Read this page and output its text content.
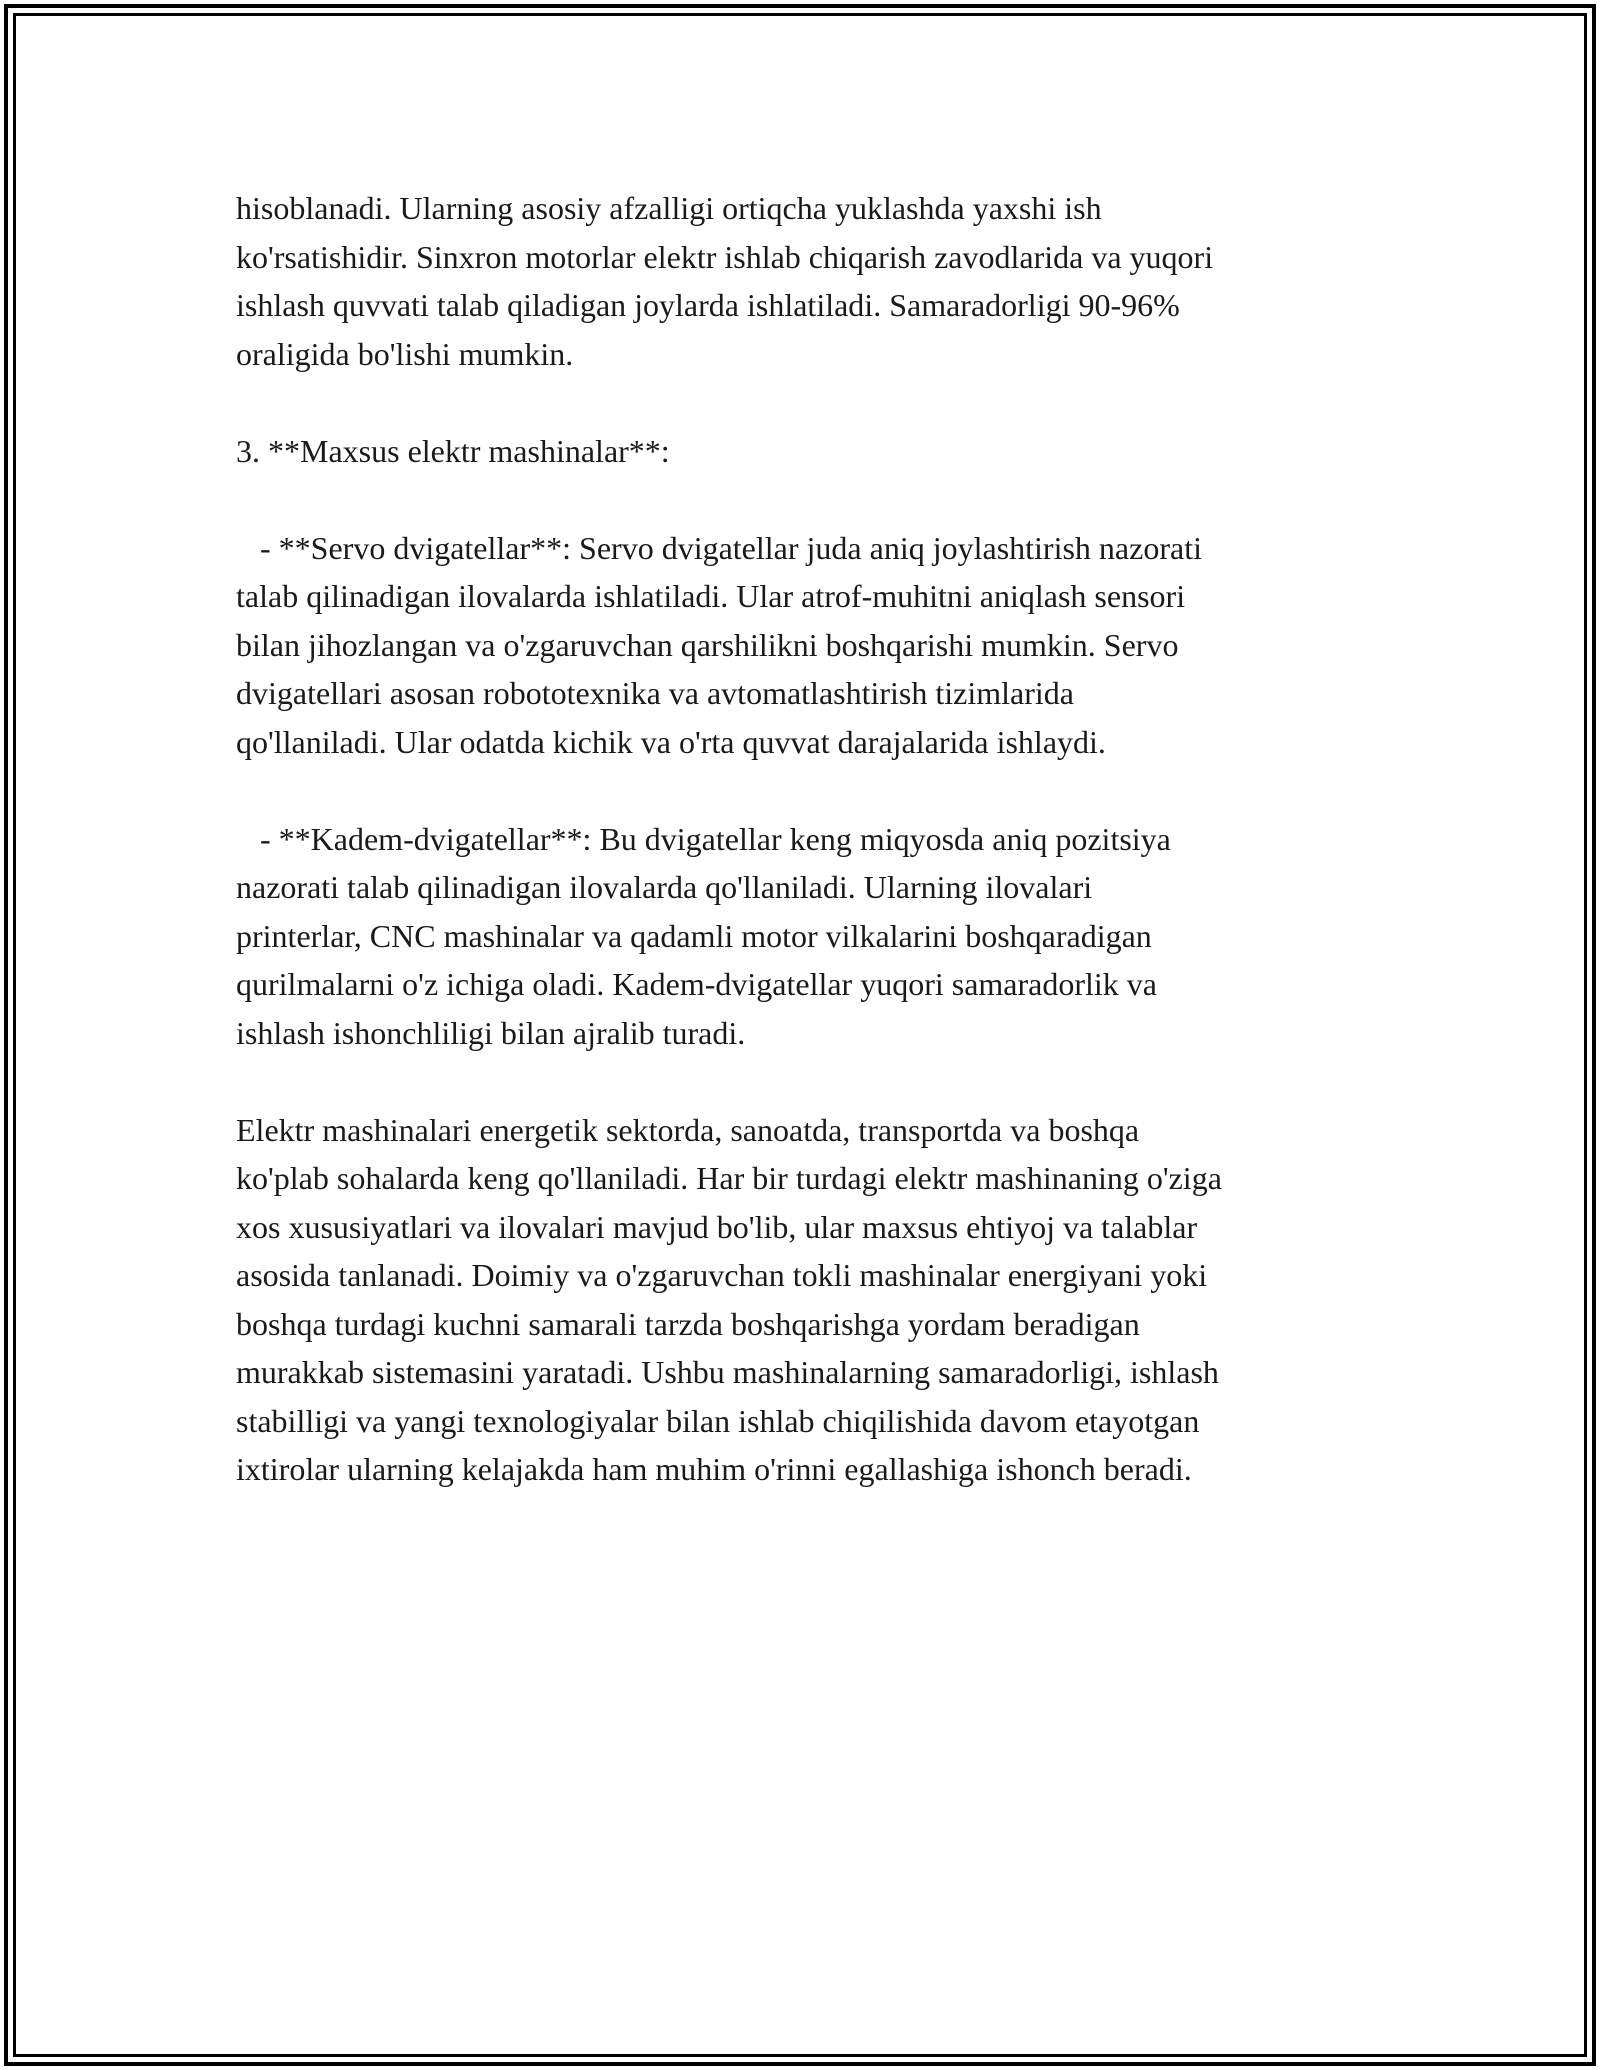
hisoblanadi. Ularning asosiy afzalligi ortiqcha yuklashda yaxshi ish
ko'rsatishidir. Sinxron motorlar elektr ishlab chiqarish zavodlarida va yuqori
ishlash quvvati talab qiladigan joylarda ishlatiladi. Samaradorligi 90-96%
oraligida bo'lishi mumkin.

3. **Maxsus elektr mashinalar**:

- **Servo dvigatellar**: Servo dvigatellar juda aniq joylashtirish nazorati
talab qilinadigan ilovalarda ishlatiladi. Ular atrof-muhitni aniqlash sensori
bilan jihozlangan va o'zgaruvchan qarshilikni boshqarishi mumkin. Servo
dvigatellari asosan robototexnika va avtomatlashtirish tizimlarida
qo'llaniladi. Ular odatda kichik va o'rta quvvat darajalarida ishlaydi.

- **Kadem-dvigatellar**: Bu dvigatellar keng miqyosda aniq pozitsiya
nazorati talab qilinadigan ilovalarda qo'llaniladi. Ularning ilovalari
printerlar, CNC mashinalar va qadamli motor vilkalarini boshqaradigan
qurilmalarni o'z ichiga oladi. Kadem-dvigatellar yuqori samaradorlik va
ishlash ishonchliligi bilan ajralib turadi.

Elektr mashinalari energetik sektorda, sanoatda, transportda va boshqa
ko'plab sohalarda keng qo'llaniladi. Har bir turdagi elektr mashinaning o'ziga
xos xususiyatlari va ilovalari mavjud bo'lib, ular maxsus ehtiyoj va talablar
asosida tanlanadi. Doimiy va o'zgaruvchan tokli mashinalar energiyani yoki
boshqa turdagi kuchni samarali tarzda boshqarishga yordam beradigan
murakkab sistemasini yaratadi. Ushbu mashinalarning samaradorligi, ishlash
stabilligi va yangi texnologiyalar bilan ishlab chiqilishida davom etayotgan
ixtirolar ularning kelajakda ham muhim o'rinni egallashiga ishonch beradi.
